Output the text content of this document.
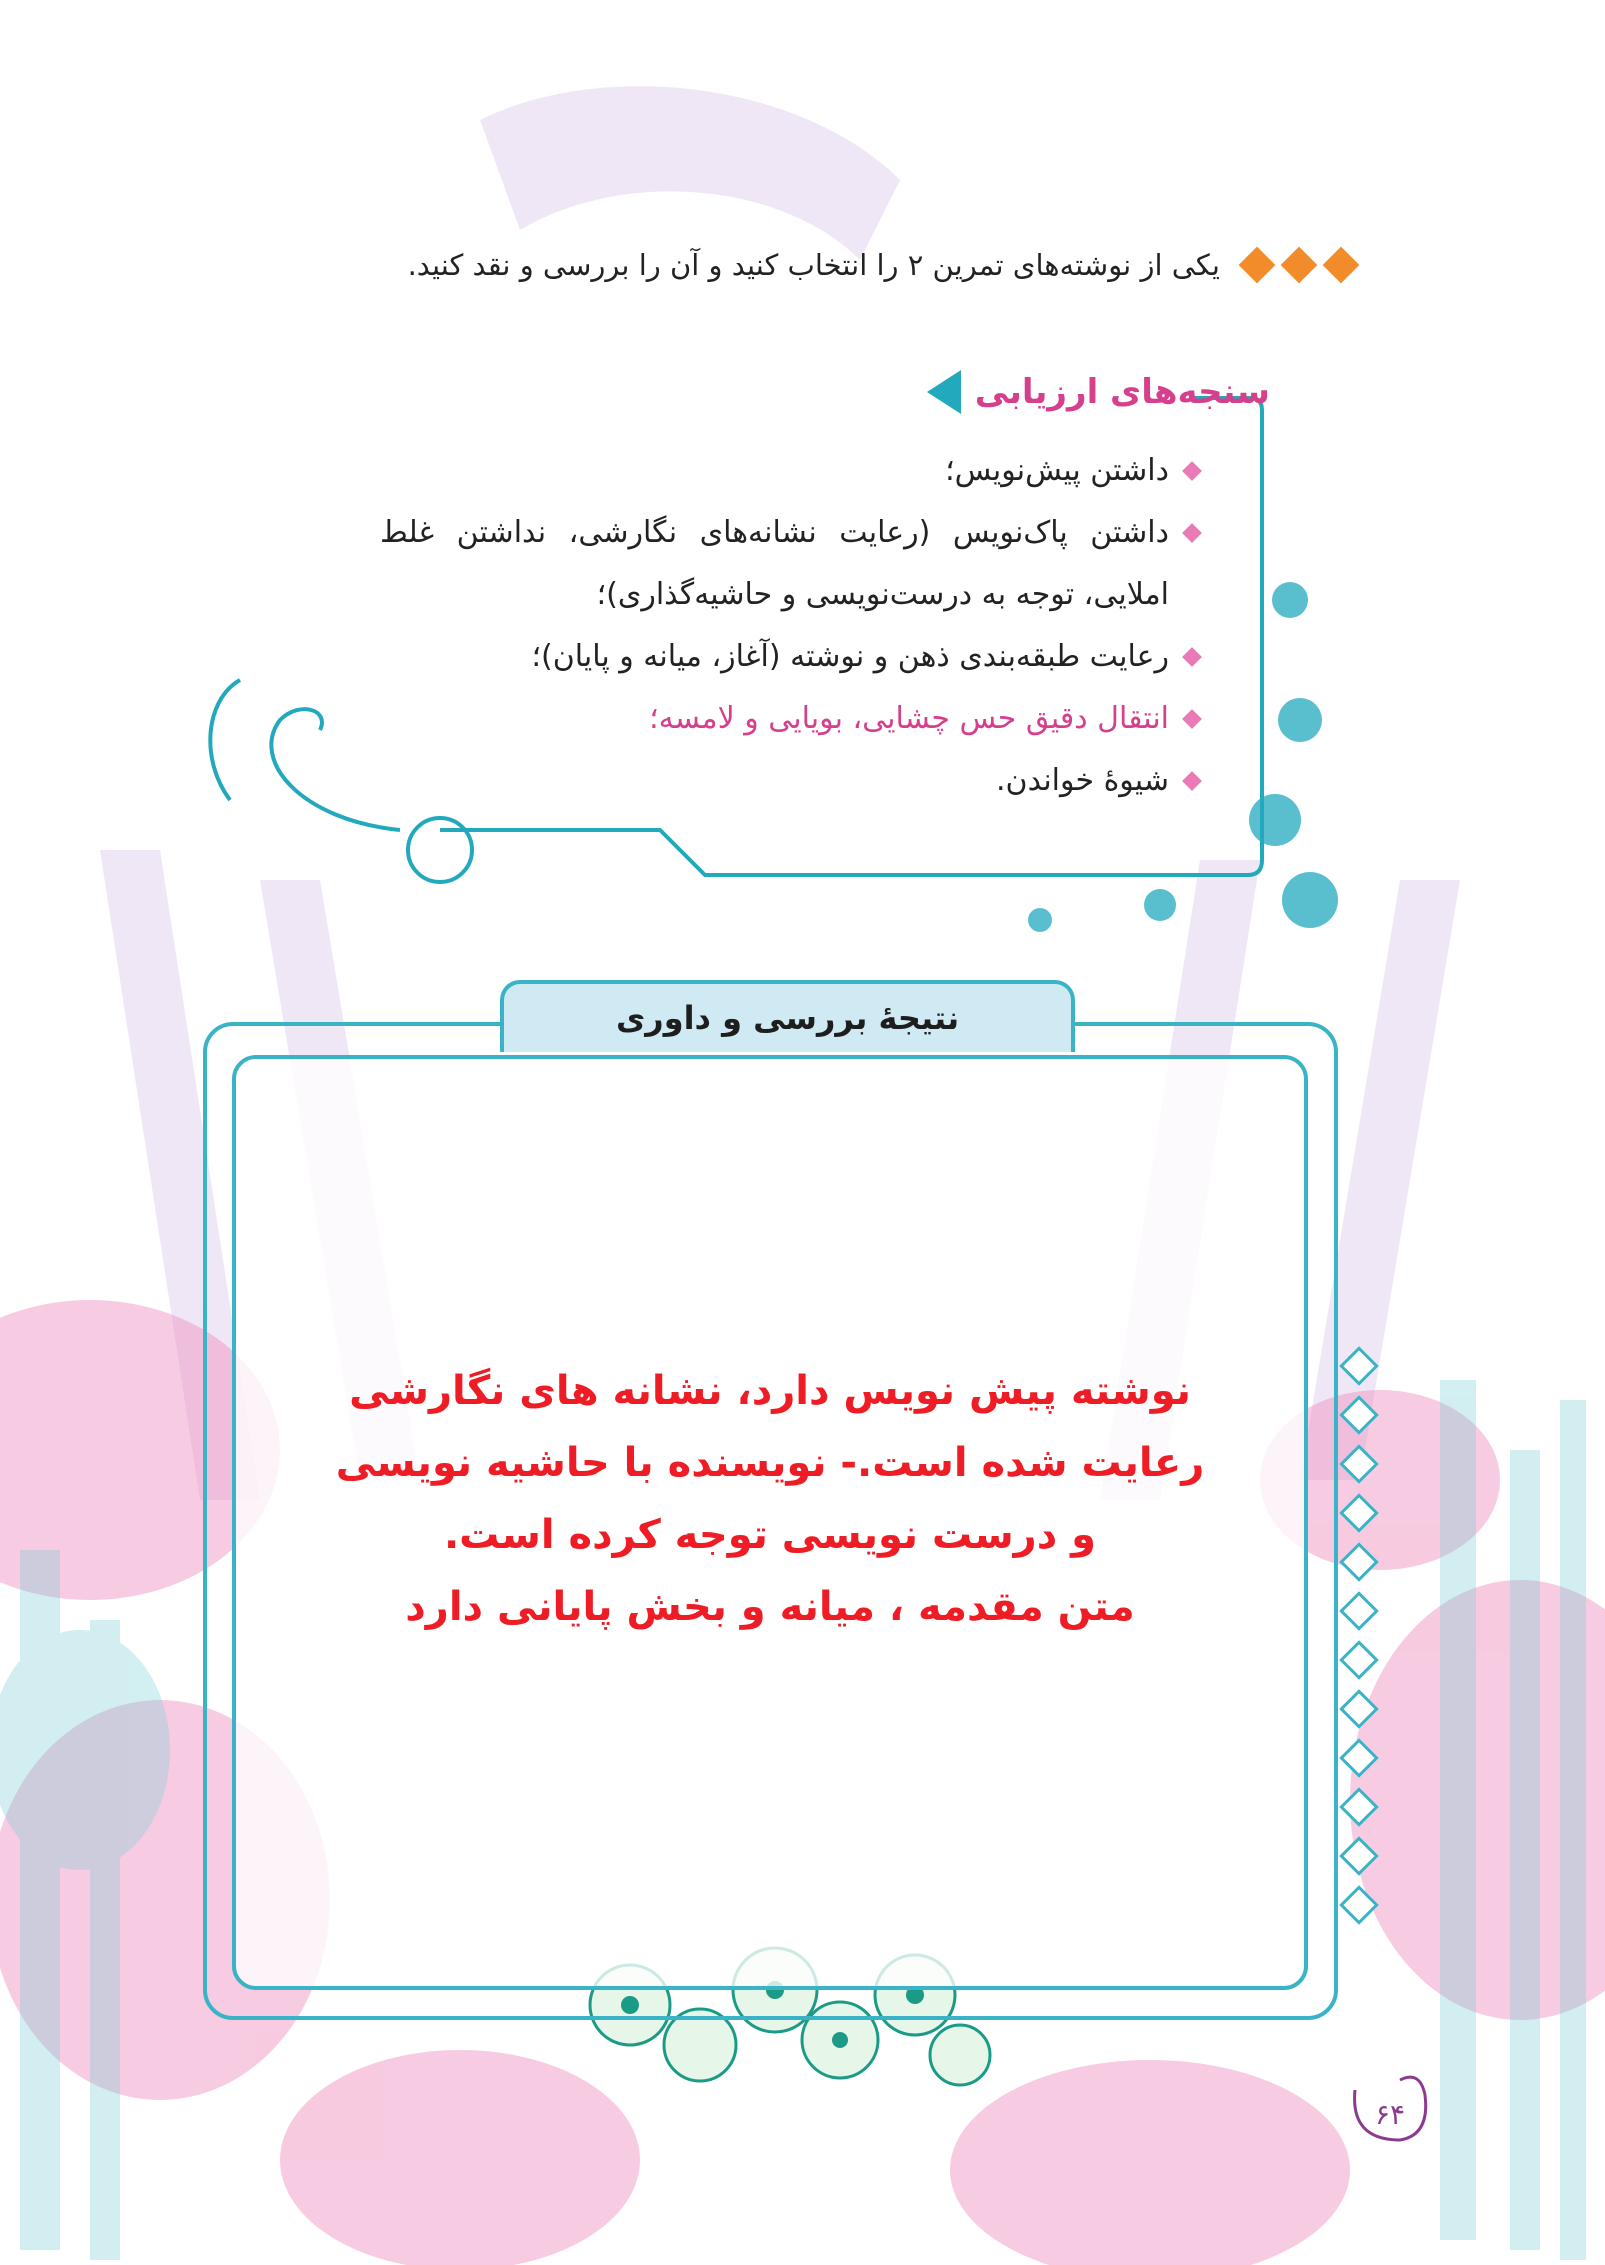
یکی از نوشته‌های تمرین ۲ را انتخاب کنید و آن را بررسی و نقد کنید.
سنجه‌های ارزیابی
داشتن پیش‌نویس؛
داشتن پاک‌نویس (رعایت نشانه‌های نگارشی، نداشتن غلط املایی، توجه به درست‌نویسی و حاشیه‌گذاری)؛
رعایت طبقه‌بندی ذهن و نوشته (آغاز، میانه و پایان)؛
انتقال دقیق حس چشایی، بویایی و لامسه؛
شیوهٔ خواندن.
نتیجهٔ بررسی و داوری
نوشته پیش نویس دارد، نشانه های نگارشی
رعایت شده است.- نویسنده با حاشیه نویسی
و درست نویسی توجه کرده است.
متن مقدمه ، میانه و بخش پایانی دارد
۶۴
